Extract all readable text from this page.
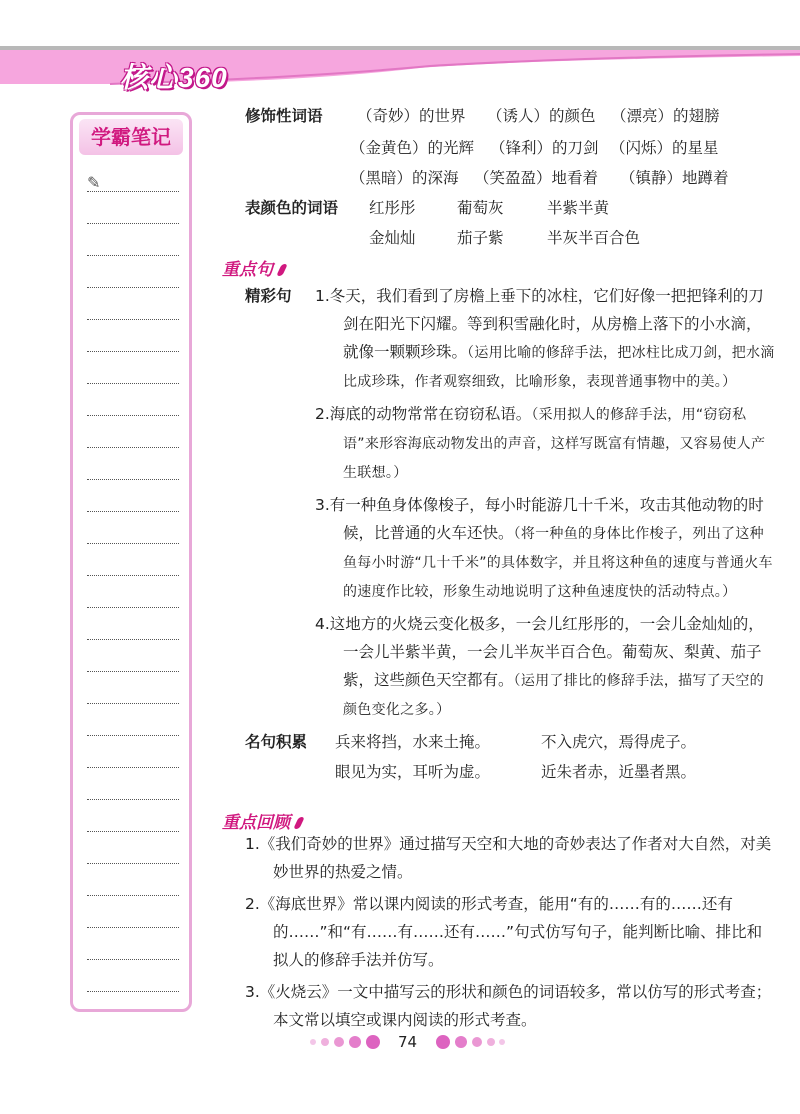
核心360
学霸笔记
✎
修饰性词语	（奇妙）的世界	（诱人）的颜色 （漂亮）的翅膀
（金黄色）的光辉	（锋利）的刀剑 （闪烁）的星星
（黑暗）的深海 （笑盈盈）地看着	（镇静）地蹲着
表颜色的词语	红彤彤	葡萄灰	半紫半黄
金灿灿	茄子紫	半灰半百合色
重点句
精彩句	1.冬天，我们看到了房檐上垂下的冰柱，它们好像一把把锋利的刀剑在阳光下闪耀。等到积雪融化时，从房檐上落下的小水滴，就像一颗颗珍珠。（运用比喻的修辞手法，把冰柱比成刀剑，把水滴比成珍珠，作者观察细致，比喻形象，表现普通事物中的美。）
2.海底的动物常常在窃窃私语。（采用拟人的修辞手法，用“窃窃私语”来形容海底动物发出的声音，这样写既富有情趣，又容易使人产生联想。）
3.有一种鱼身体像梭子，每小时能游几十千米，攻击其他动物的时候，比普通的火车还快。（将一种鱼的身体比作梭子，列出了这种鱼每小时游“几十千米”的具体数字，并且将这种鱼的速度与普通火车的速度作比较，形象生动地说明了这种鱼速度快的活动特点。）
4.这地方的火烧云变化极多，一会儿红彤彤的，一会儿金灿灿的，一会儿半紫半黄，一会儿半灰半百合色。葡萄灰、梨黄、茄子紫，这些颜色天空都有。（运用了排比的修辞手法，描写了天空的颜色变化之多。）
名句积累	兵来将挡，水来土掩。	不入虎穴，焉得虎子。
眼见为实，耳听为虚。	近朱者赤，近墨者黑。
重点回顾
1.《我们奇妙的世界》通过描写天空和大地的奇妙表达了作者对大自然，对美妙世界的热爱之情。
2.《海底世界》常以课内阅读的形式考查，能用“有的……有的……还有的……”和“有……有……还有……”句式仿写句子，能判断比喻、排比和拟人的修辞手法并仿写。
3.《火烧云》一文中描写云的形状和颜色的词语较多，常以仿写的形式考查；本文常以填空或课内阅读的形式考查。
74
